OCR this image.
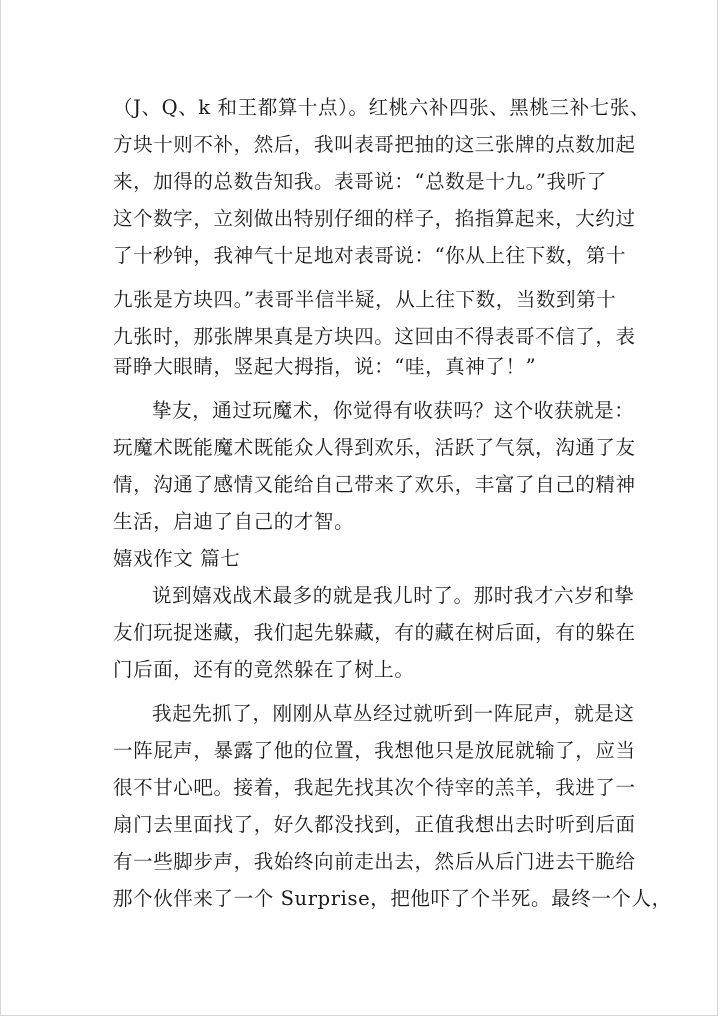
（J、Q、k 和王都算十点）。红桃六补四张、黑桃三补七张、
方块十则不补，然后，我叫表哥把抽的这三张牌的点数加起
来，加得的总数告知我。表哥说：“总数是十九。”我听了
这个数字，立刻做出特别仔细的样子，掐指算起来，大约过
了十秒钟，我神气十足地对表哥说：“你从上往下数，第十
九张是方块四。”表哥半信半疑，从上往下数，当数到第十
九张时，那张牌果真是方块四。这回由不得表哥不信了，表
哥睁大眼睛，竖起大拇指，说：“哇，真神了！”
挚友，通过玩魔术，你觉得有收获吗？这个收获就是：
玩魔术既能魔术既能众人得到欢乐，活跃了气氛，沟通了友
情，沟通了感情又能给自己带来了欢乐，丰富了自己的精神
生活，启迪了自己的才智。
嬉戏作文 篇七
说到嬉戏战术最多的就是我儿时了。那时我才六岁和挚
友们玩捉迷藏，我们起先躲藏，有的藏在树后面，有的躲在
门后面，还有的竟然躲在了树上。
我起先抓了，刚刚从草丛经过就听到一阵屁声，就是这
一阵屁声，暴露了他的位置，我想他只是放屁就输了，应当
很不甘心吧。接着，我起先找其次个待宰的羔羊，我进了一
扇门去里面找了，好久都没找到，正值我想出去时听到后面
有一些脚步声，我始终向前走出去，然后从后门进去干脆给
那个伙伴来了一个 Surprise，把他吓了个半死。最终一个人，
